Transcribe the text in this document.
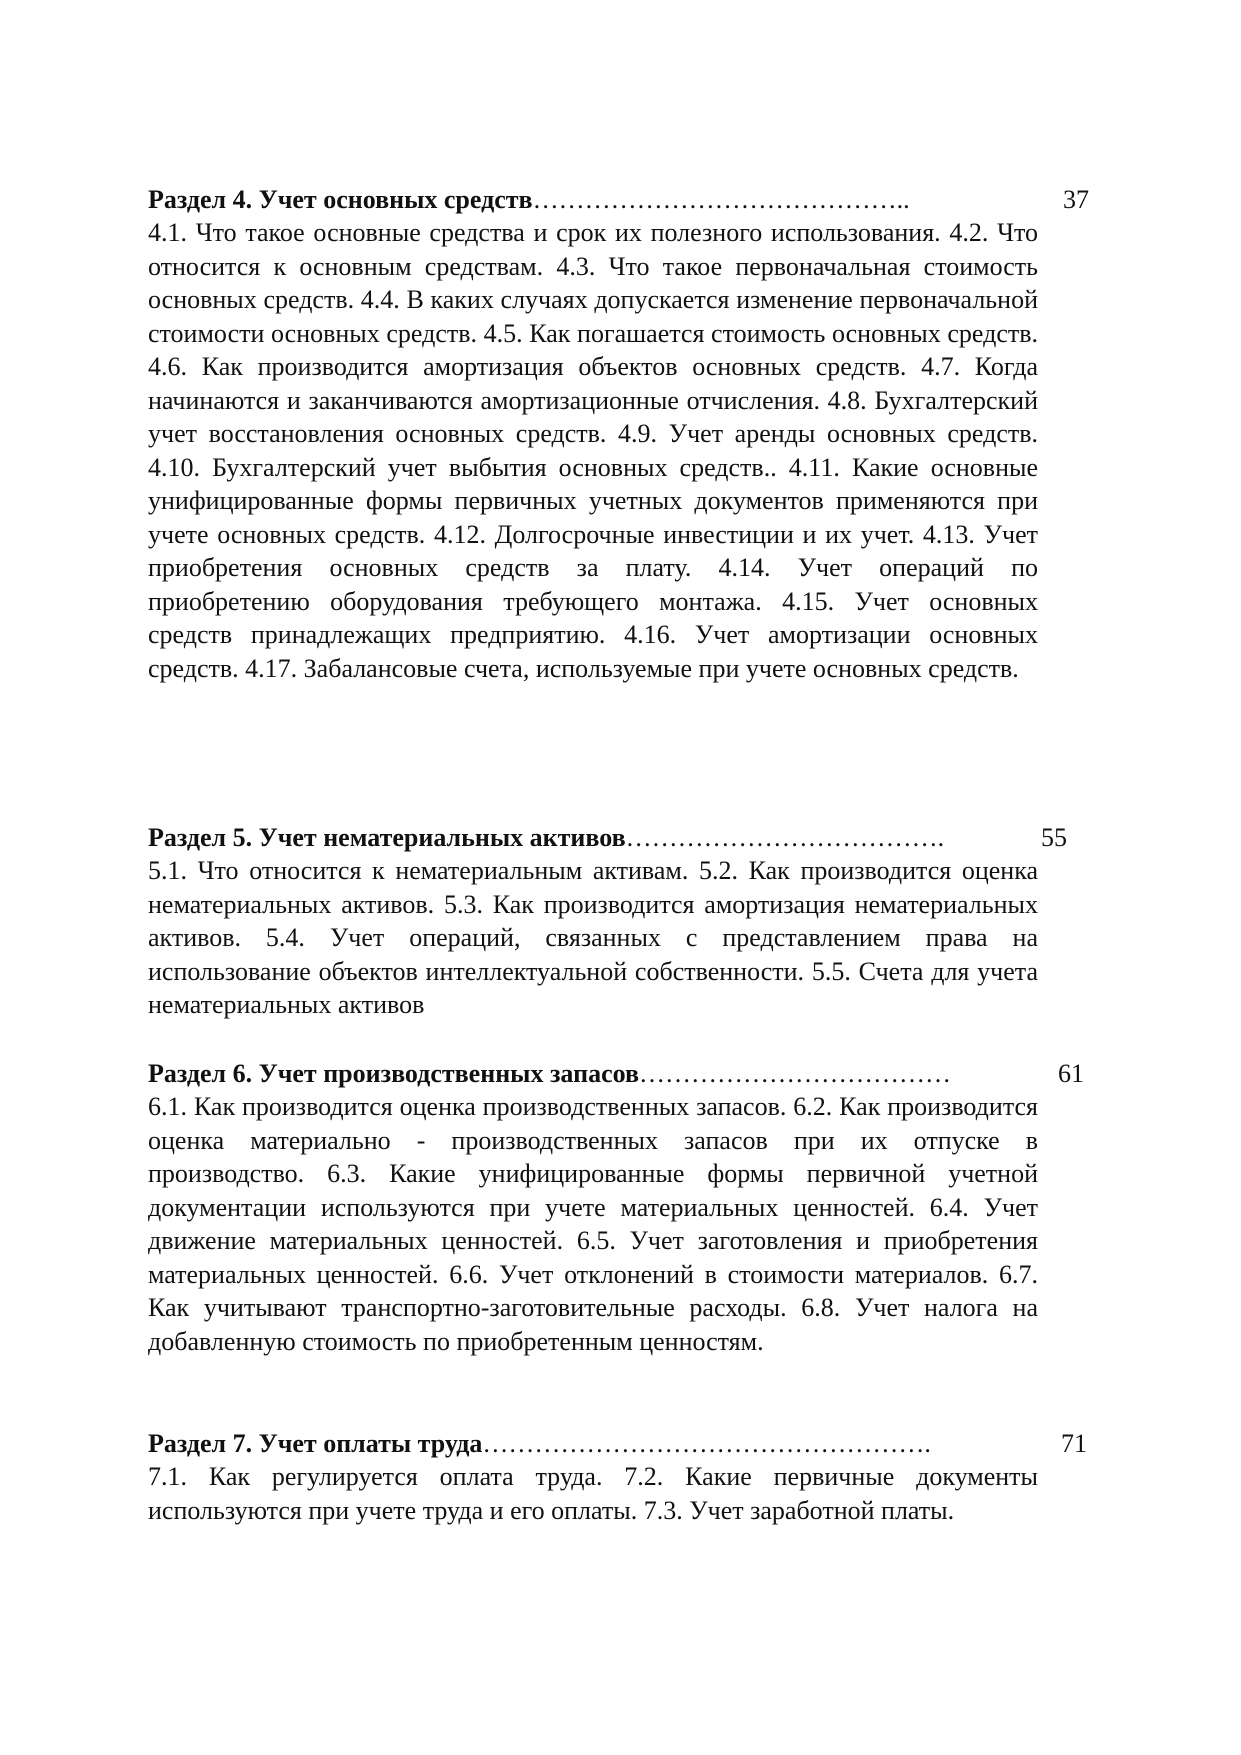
Раздел 4. Учет основных средств……………………………………..	37

4.1. Что такое основные средства и срок их полезного использования. 4.2. Что относится к основным средствам. 4.3. Что такое первоначальная стоимость основных средств. 4.4. В каких случаях допускается изменение первоначальной стоимости основных средств. 4.5. Как погашается стоимость основных средств. 4.6. Как производится амортизация объектов основных средств. 4.7. Когда начинаются и заканчиваются амортизационные отчисления. 4.8. Бухгалтерский учет восстановления основных средств. 4.9. Учет аренды основных средств. 4.10. Бухгалтерский учет выбытия основных средств.. 4.11. Какие основные унифицированные формы первичных учетных документов применяются при учете основных средств. 4.12. Долгосрочные инвестиции и их учет. 4.13. Учет приобретения основных средств за плату. 4.14. Учет операций по приобретению оборудования требующего монтажа. 4.15. Учет основных средств принадлежащих предприятию. 4.16. Учет амортизации основных средств. 4.17. Забалансовые счета, используемые при учете основных средств.

Раздел 5. Учет нематериальных активов……………………………….	55

5.1. Что относится к нематериальным активам. 5.2. Как производится оценка нематериальных активов. 5.3. Как производится амортизация нематериальных активов. 5.4. Учет операций, связанных с представлением права на использование объектов интеллектуальной собственности. 5.5. Счета для учета нематериальных активов

Раздел 6. Учет производственных запасов………………………………	61

6.1. Как производится оценка производственных запасов. 6.2. Как производится оценка материально - производственных запасов при их отпуске в производство. 6.3. Какие унифицированные формы первичной учетной документации используются при учете материальных ценностей. 6.4. Учет движение материальных ценностей. 6.5. Учет заготовления и приобретения материальных ценностей. 6.6. Учет отклонений в стоимости материалов. 6.7. Как учитывают транспортно-заготовительные расходы. 6.8. Учет налога на добавленную стоимость по приобретенным ценностям.

Раздел 7. Учет оплаты труда…………………………………………….	71

7.1. Как регулируется оплата труда. 7.2. Какие первичные документы используются при учете труда и его оплаты. 7.3. Учет заработной платы.
